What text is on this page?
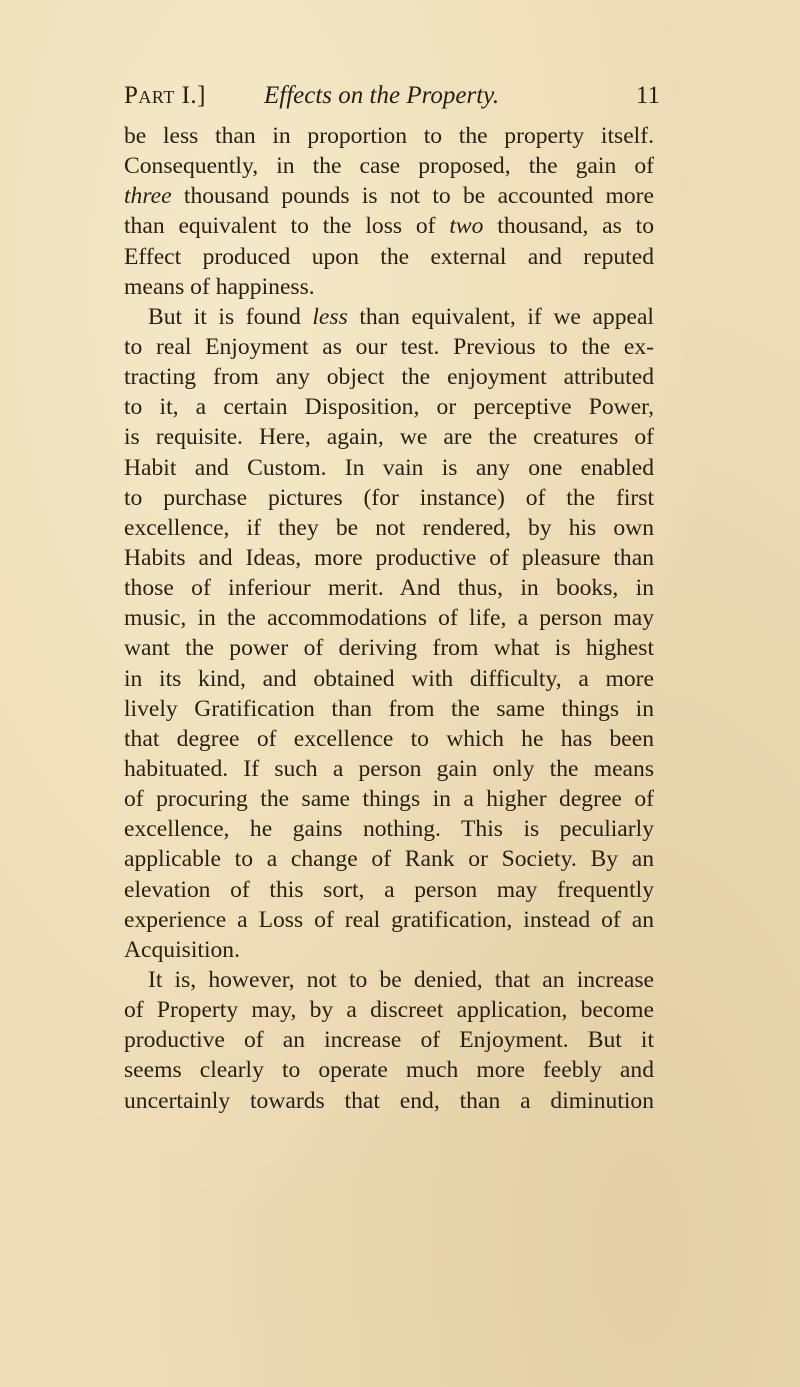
Part I.] Effects on the Property.	11
be less than in proportion to the property itself.
Consequently, in the case proposed, the gain of
three thousand pounds is not to be accounted more
than equivalent to the loss of two thousand, as to
Effect produced upon the external and reputed
means of happiness.
But it is found less than equivalent, if we appeal
to real Enjoyment as our test. Previous to the ex-
tracting from any object the enjoyment attributed
to it, a certain Disposition, or perceptive Power,
is requisite. Here, again, we are the creatures of
Habit and Custom. In vain is any one enabled
to purchase pictures (for instance) of the first
excellence, if they be not rendered, by his own
Habits and Ideas, more productive of pleasure than
those of inferiour merit. And thus, in books, in
music, in the accommodations of life, a person may
want the power of deriving from what is highest
in its kind, and obtained with difficulty, a more
lively Gratification than from the same things in
that degree of excellence to which he has been
habituated. If such a person gain only the means
of procuring the same things in a higher degree of
excellence, he gains nothing. This is peculiarly
applicable to a change of Rank or Society. By an
elevation of this sort, a person may frequently
experience a Loss of real gratification, instead of an
Acquisition.
It is, however, not to be denied, that an increase
of Property may, by a discreet application, become
productive of an increase of Enjoyment. But it
seems clearly to operate much more feebly and
uncertainly towards that end, than a diminution
